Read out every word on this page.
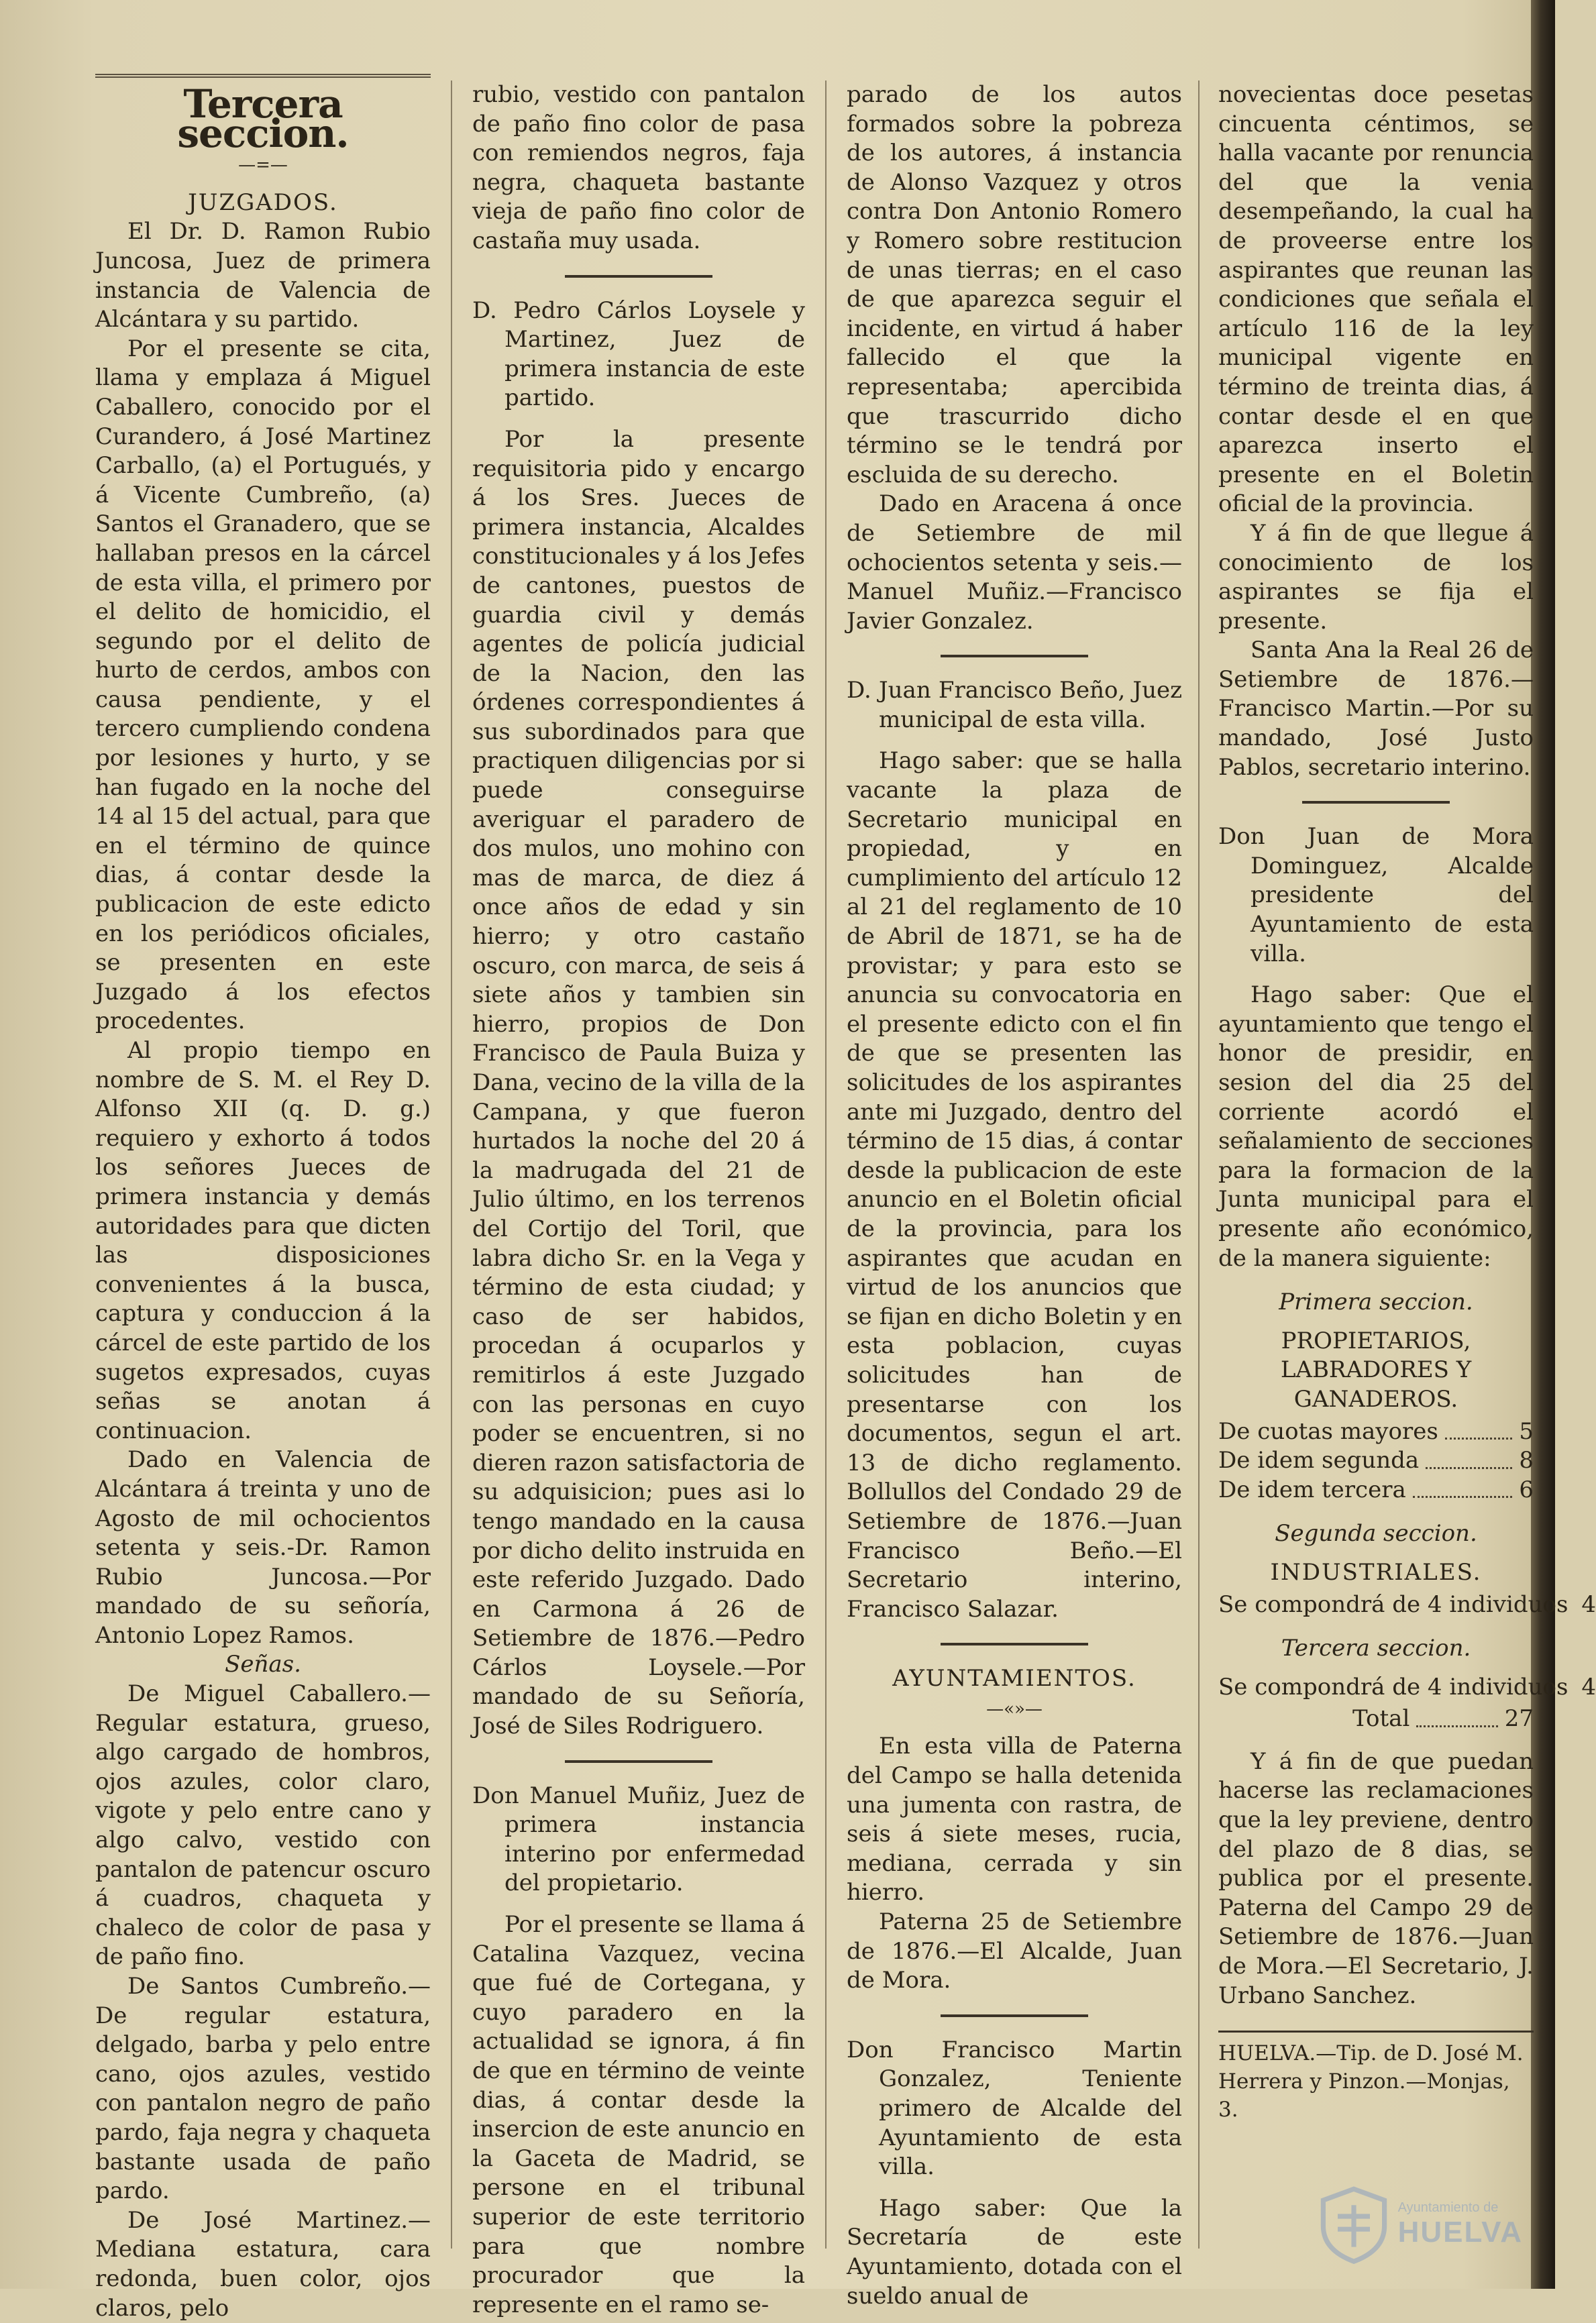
Tercera seccion.

—=—

JUZGADOS.

El Dr. D. Ramon Rubio Juncosa, Juez de primera instancia de Valencia de Alcántara y su partido.

Por el presente se cita, llama y emplaza á Miguel Caballero, conocido por el Curandero, á José Martinez Carballo, (a) el Portugués, y á Vicente Cumbreño, (a) Santos el Granadero, que se hallaban presos en la cárcel de esta villa, el primero por el delito de homicidio, el segundo por el delito de hurto de cerdos, ambos con causa pendiente, y el tercero cumpliendo condena por lesiones y hurto, y se han fugado en la noche del 14 al 15 del actual, para que en el término de quince dias, á contar desde la publicacion de este edicto en los periódicos oficiales, se presenten en este Juzgado á los efectos procedentes.

Al propio tiempo en nombre de S. M. el Rey D. Alfonso XII (q. D. g.) requiero y exhorto á todos los señores Jueces de primera instancia y demás autoridades para que dicten las disposiciones convenientes á la busca, captura y conduccion á la cárcel de este partido de los sugetos expresados, cuyas señas se anotan á continuacion.

Dado en Valencia de Alcántara á treinta y uno de Agosto de mil ochocientos setenta y seis.-Dr. Ramon Rubio Juncosa.—Por mandado de su señoría, Antonio Lopez Ramos.

Señas.

De Miguel Caballero.—Regular estatura, grueso, algo cargado de hombros, ojos azules, color claro, vigote y pelo entre cano y algo calvo, vestido con pantalon de patencur oscuro á cuadros, chaqueta y chaleco de color de pasa y de paño fino.

De Santos Cumbreño.—De regular estatura, delgado, barba y pelo entre cano, ojos azules, vestido con pantalon negro de paño pardo, faja negra y chaqueta bastante usada de paño pardo.

De José Martinez.—Mediana estatura, cara redonda, buen color, ojos claros, pelo

rubio, vestido con pantalon de paño fino color de pasa con remiendos negros, faja negra, chaqueta bastante vieja de paño fino color de castaña muy usada.

D. Pedro Cárlos Loysele y Martinez, Juez de primera instancia de este partido.

Por la presente requisitoria pido y encargo á los Sres. Jueces de primera instancia, Alcaldes constitucionales y á los Jefes de cantones, puestos de guardia civil y demás agentes de policía judicial de la Nacion, den las órdenes correspondientes á sus subordinados para que practiquen diligencias por si puede conseguirse averiguar el paradero de dos mulos, uno mohino con mas de marca, de diez á once años de edad y sin hierro; y otro castaño oscuro, con marca, de seis á siete años y tambien sin hierro, propios de Don Francisco de Paula Buiza y Dana, vecino de la villa de la Campana, y que fueron hurtados la noche del 20 á la madrugada del 21 de Julio último, en los terrenos del Cortijo del Toril, que labra dicho Sr. en la Vega y término de esta ciudad; y caso de ser habidos, procedan á ocuparlos y remitirlos á este Juzgado con las personas en cuyo poder se encuentren, si no dieren razon satisfactoria de su adquisicion; pues asi lo tengo mandado en la causa por dicho delito instruida en este referido Juzgado. Dado en Carmona á 26 de Setiembre de 1876.—Pedro Cárlos Loysele.—Por mandado de su Señoría, José de Siles Rodriguero.

Don Manuel Muñiz, Juez de primera instancia interino por enfermedad del propietario.

Por el presente se llama á Catalina Vazquez, vecina que fué de Cortegana, y cuyo paradero en la actualidad se ignora, á fin de que en término de veinte dias, á contar desde la insercion de este anuncio en la Gaceta de Madrid, se persone en el tribunal superior de este territorio para que nombre procurador que la represente en el ramo se-

parado de los autos formados sobre la pobreza de los autores, á instancia de Alonso Vazquez y otros contra Don Antonio Romero y Romero sobre restitucion de unas tierras; en el caso de que aparezca seguir el incidente, en virtud á haber fallecido el que la representaba; apercibida que trascurrido dicho término se le tendrá por escluida de su derecho.

Dado en Aracena á once de Setiembre de mil ochocientos setenta y seis.—Manuel Muñiz.—Francisco Javier Gonzalez.

D. Juan Francisco Beño, Juez municipal de esta villa.

Hago saber: que se halla vacante la plaza de Secretario municipal en propiedad, y en cumplimiento del artículo 12 al 21 del reglamento de 10 de Abril de 1871, se ha de provistar; y para esto se anuncia su convocatoria en el presente edicto con el fin de que se presenten las solicitudes de los aspirantes ante mi Juzgado, dentro del término de 15 dias, á contar desde la publicacion de este anuncio en el Boletin oficial de la provincia, para los aspirantes que acudan en virtud de los anuncios que se fijan en dicho Boletin y en esta poblacion, cuyas solicitudes han de presentarse con los documentos, segun el art. 13 de dicho reglamento. Bollullos del Condado 29 de Setiembre de 1876.—Juan Francisco Beño.—El Secretario interino, Francisco Salazar.

AYUNTAMIENTOS.

—«»—

En esta villa de Paterna del Campo se halla detenida una jumenta con rastra, de seis á siete meses, rucia, mediana, cerrada y sin hierro.

Paterna 25 de Setiembre de 1876.—El Alcalde, Juan de Mora.

Don Francisco Martin Gonzalez, Teniente primero de Alcalde del Ayuntamiento de esta villa.

Hago saber: Que la Secretaría de este Ayuntamiento, dotada con el sueldo anual de

novecientas doce pesetas cincuenta céntimos, se halla vacante por renuncia del que la venia desempeñando, la cual ha de proveerse entre los aspirantes que reunan las condiciones que señala el artículo 116 de la ley municipal vigente en término de treinta dias, á contar desde el en que aparezca inserto el presente en el Boletin oficial de la provincia.

Y á fin de que llegue á conocimiento de los aspirantes se fija el presente.

Santa Ana la Real 26 de Setiembre de 1876.—Francisco Martin.—Por su mandado, José Justo Pablos, secretario interino.

Don Juan de Mora Dominguez, Alcalde presidente del Ayuntamiento de esta villa.

Hago saber: Que el ayuntamiento que tengo el honor de presidir, en sesion del dia 25 del corriente acordó el señalamiento de secciones para la formacion de la Junta municipal para el presente año económico, de la manera siguiente:

Primera seccion.

PROPIETARIOS, LABRADORES Y GANADEROS.

De cuotas mayores	5
De idem segunda	8
De idem tercera	6

Segunda seccion.

INDUSTRIALES.

Se compondrá de 4 individuos 4

Tercera seccion.

Se compondrá de 4 individuos 4
Total	27

Y á fin de que puedan hacerse las reclamaciones que la ley previene, dentro del plazo de 8 dias, se publica por el presente. Paterna del Campo 29 de Setiembre de 1876.—Juan de Mora.—El Secretario, J. Urbano Sanchez.

HUELVA.—Tip. de D. José M. Herrera y Pinzon.—Monjas, 3.

Ayuntamiento de
HUELVA
